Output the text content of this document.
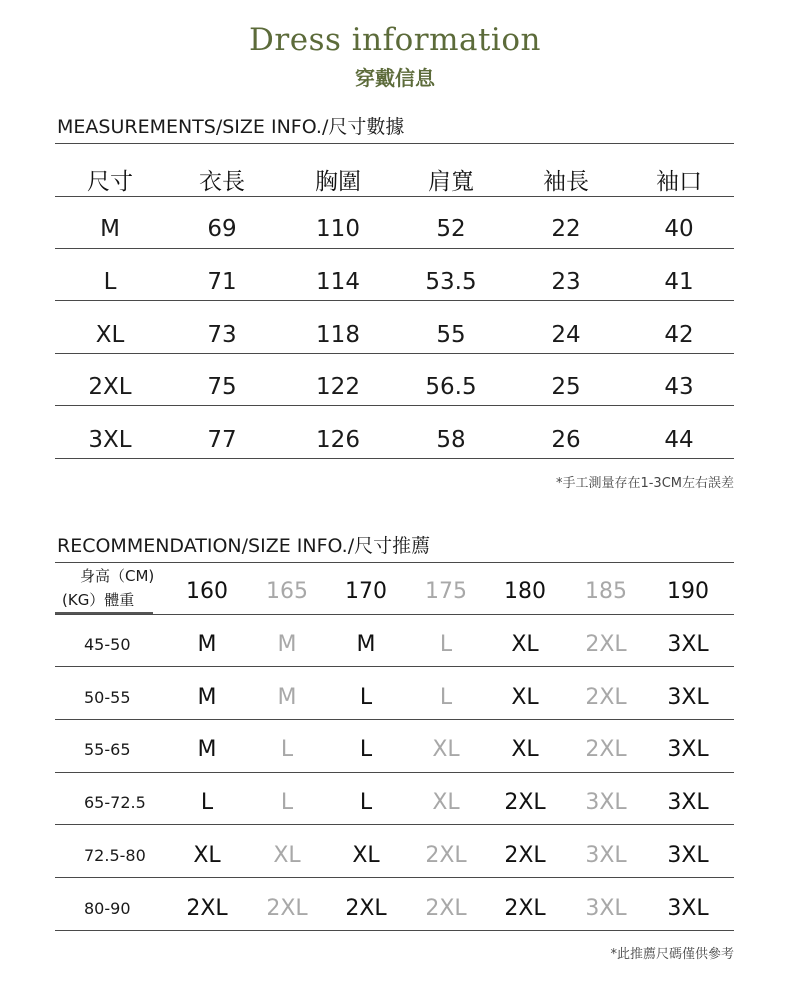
Dress information
穿戴信息
MEASUREMENTS/SIZE INFO./尺寸數據
尺寸	衣長	胸圍	肩寬	袖長	袖口
M	69	110	52	22	40
L	71	114	53.5	23	41
XL	73	118	55	24	42
2XL	75	122	56.5	25	43
3XL	77	126	58	26	44
*手工測量存在1-3CM左右誤差
RECOMMENDATION/SIZE INFO./尺寸推薦
身高（CM)
(KG）體重	160	165	170	175	180	185	190
45-50	M	M	M	L	XL	2XL	3XL
50-55	M	M	L	L	XL	2XL	3XL
55-65	M	L	L	XL	XL	2XL	3XL
65-72.5	L	L	L	XL	2XL	3XL	3XL
72.5-80	XL	XL	XL	2XL	2XL	3XL	3XL
80-90	2XL	2XL	2XL	2XL	2XL	3XL	3XL
*此推薦尺碼僅供參考
